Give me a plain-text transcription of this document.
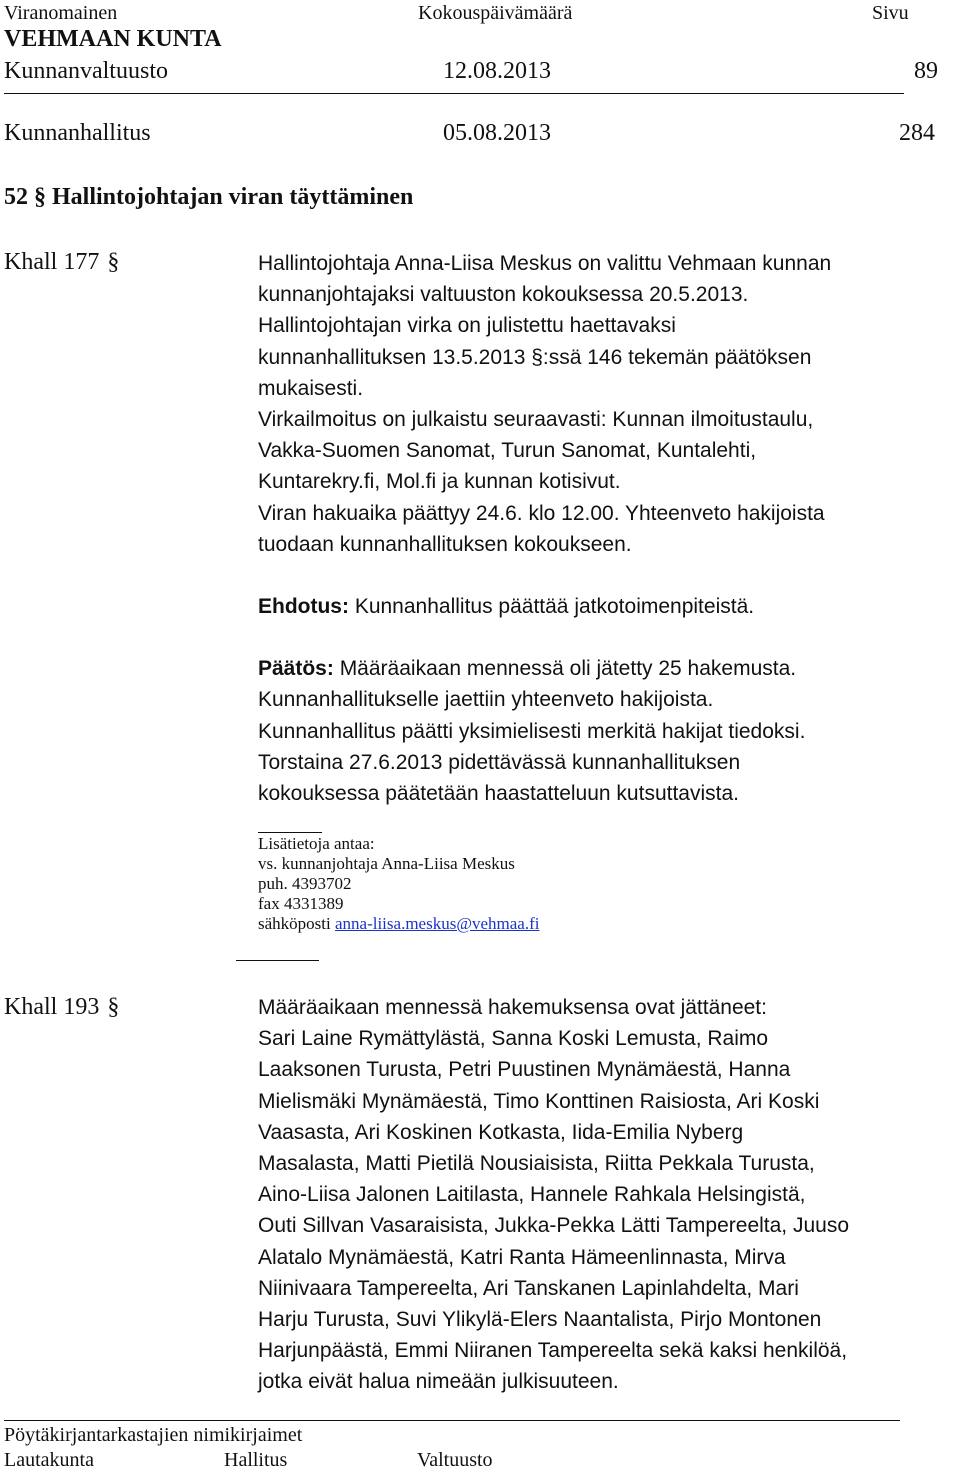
Viranomainen	Kokouspäivämäärä	Sivu
VEHMAAN KUNTA
Kunnanvaltuusto	12.08.2013	89
Kunnanhallitus	05.08.2013	284
52 § Hallintojohtajan viran täyttäminen
Khall 177 §	Hallintojohtaja Anna-Liisa Meskus on valittu Vehmaan kunnan

kunnanjohtajaksi valtuuston kokouksessa 20.5.2013.

Hallintojohtajan virka on julistettu haettavaksi

kunnanhallituksen 13.5.2013 §:ssä 146 tekemän päätöksen

mukaisesti.

Virkailmoitus on julkaistu seuraavasti: Kunnan ilmoitustaulu,

Vakka-Suomen Sanomat, Turun Sanomat, Kuntalehti,

Kuntarekry.fi, Mol.fi ja kunnan kotisivut.

Viran hakuaika päättyy 24.6. klo 12.00. Yhteenveto hakijoista

tuodaan kunnanhallituksen kokoukseen.

Ehdotus: Kunnanhallitus päättää jatkotoimenpiteistä.

Päätös: Määräaikaan mennessä oli jätetty 25 hakemusta.

Kunnanhallitukselle jaettiin yhteenveto hakijoista.

Kunnanhallitus päätti yksimielisesti merkitä hakijat tiedoksi.

Torstaina 27.6.2013 pidettävässä kunnanhallituksen

kokouksessa päätetään haastatteluun kutsuttavista.

Lisätietoja antaa:
vs. kunnanjohtaja Anna-Liisa Meskus
puh. 4393702
fax 4331389
sähköposti anna-liisa.meskus@vehmaa.fi
Khall 193 §	Määräaikaan mennessä hakemuksensa ovat jättäneet:

Sari Laine Rymättylästä, Sanna Koski Lemusta, Raimo

Laaksonen Turusta, Petri Puustinen Mynämäestä, Hanna

Mielismäki Mynämäestä, Timo Konttinen Raisiosta, Ari Koski

Vaasasta, Ari Koskinen Kotkasta, Iida-Emilia Nyberg

Masalasta, Matti Pietilä Nousiaisista, Riitta Pekkala Turusta,

Aino-Liisa Jalonen Laitilasta, Hannele Rahkala Helsingistä,

Outi Sillvan Vasaraisista, Jukka-Pekka Lätti Tampereelta, Juuso

Alatalo Mynämäestä, Katri Ranta Hämeenlinnasta, Mirva

Niinivaara Tampereelta, Ari Tanskanen Lapinlahdelta, Mari

Harju Turusta, Suvi Ylikylä-Elers Naantalista, Pirjo Montonen

Harjunpäästä, Emmi Niiranen Tampereelta sekä kaksi henkilöä,

jotka eivät halua nimeään julkisuuteen.

Pöytäkirjantarkastajien nimikirjaimet
Lautakunta	Hallitus	Valtuusto
